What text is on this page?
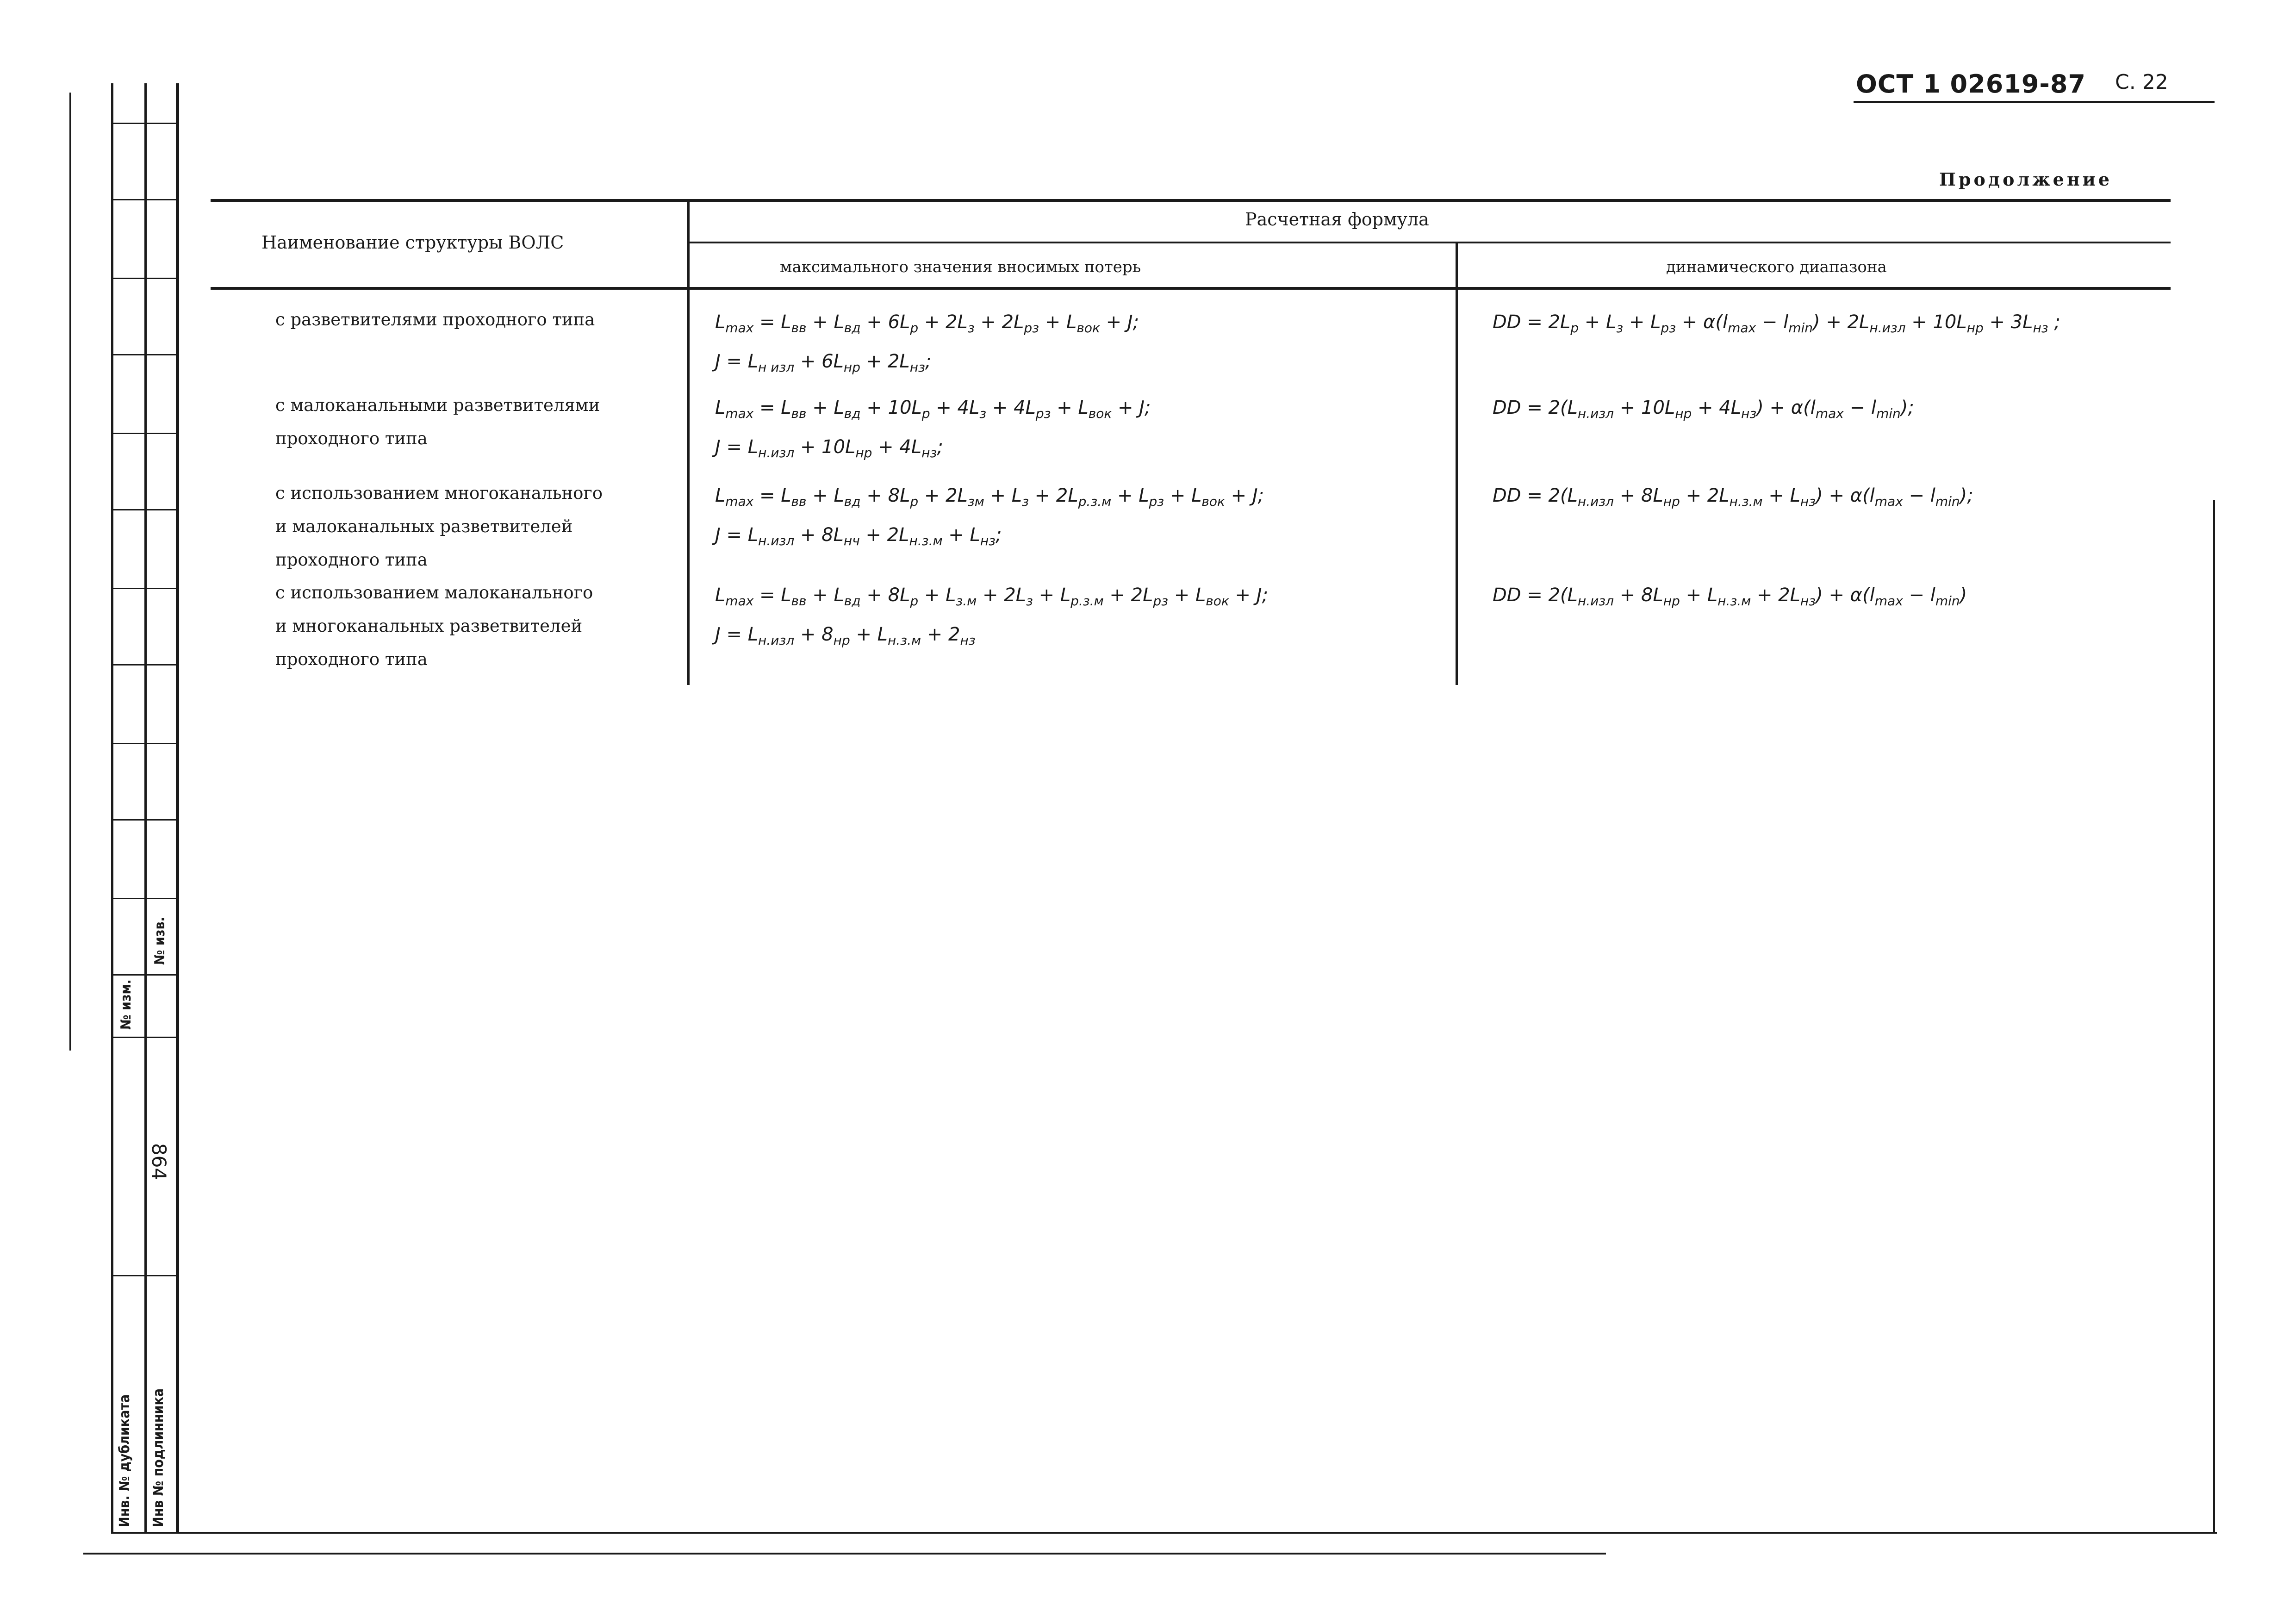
ОСТ 1 02619-87 С. 22
Продолжение
№ изм.
№ изв.
864
Инв. № дубликата Инв № подлинника
Наименование структуры ВОЛС
Расчетная формула
максимального значения вносимых потерь	динамического диапазона
с разветвителями проходного типа	$L_{max} = L_{вв} + L_{вд} + 6L_р + 2L_з + 2L_{рз} + L_{вок} + J$;
$J = L_{н изл} + 6L_{нр} + 2L_{нз}$;
DD = $2L_р + L_з + L_{рз} + \alpha(l_{max} - l_{min}) + 2L_{н.изл} + 10L_{нр} + 3L_{нз}$ ;
с малоканальными разветвителями
проходного типа
$L_{max} = L_{вв} + L_{вд} + 10L_р + 4L_з + 4L_{рз} + L_{вок} + J$;
$J = L_{н.изл} + 10L_{нр} + 4L_{нз}$;
DD = $2(L_{н.изл} + 10L_{нр} + 4L_{нз}) + \alpha(l_{max} - l_{min})$;
с использованием многоканального
и малоканальных разветвителей
проходного типа
$L_{max} = L_{вв} + L_{вд} + 8L_р + 2L_{зм} + L_з + 2L_{р.з.м} + L_{рз} + L_{вок} + J$;
$J = L_{н.изл} + 8L_{нч} + 2L_{н.з.м} + L_{нз}$;
DD = $2(L_{н.изл} + 8L_{нр} + 2L_{н.з.м} + L_{нз}) + \alpha(l_{max} - l_{min})$;
с использованием малоканального
и многоканальных разветвителей
проходного типа
$L_{max} = L_{вв} + L_{вд} + 8L_р + L_{з.м} + 2L_з + L_{р.з.м} + 2L_{рз} + L_{вок} + J$;
$J = L_{н.изл} + 8_{нр} + L_{н.з.м} + 2_{нз}$
DD = $2(L_{н.изл} + 8L_{нр} + L_{н.з.м} + 2L_{нз}) + \alpha(l_{max} - l_{min})$
